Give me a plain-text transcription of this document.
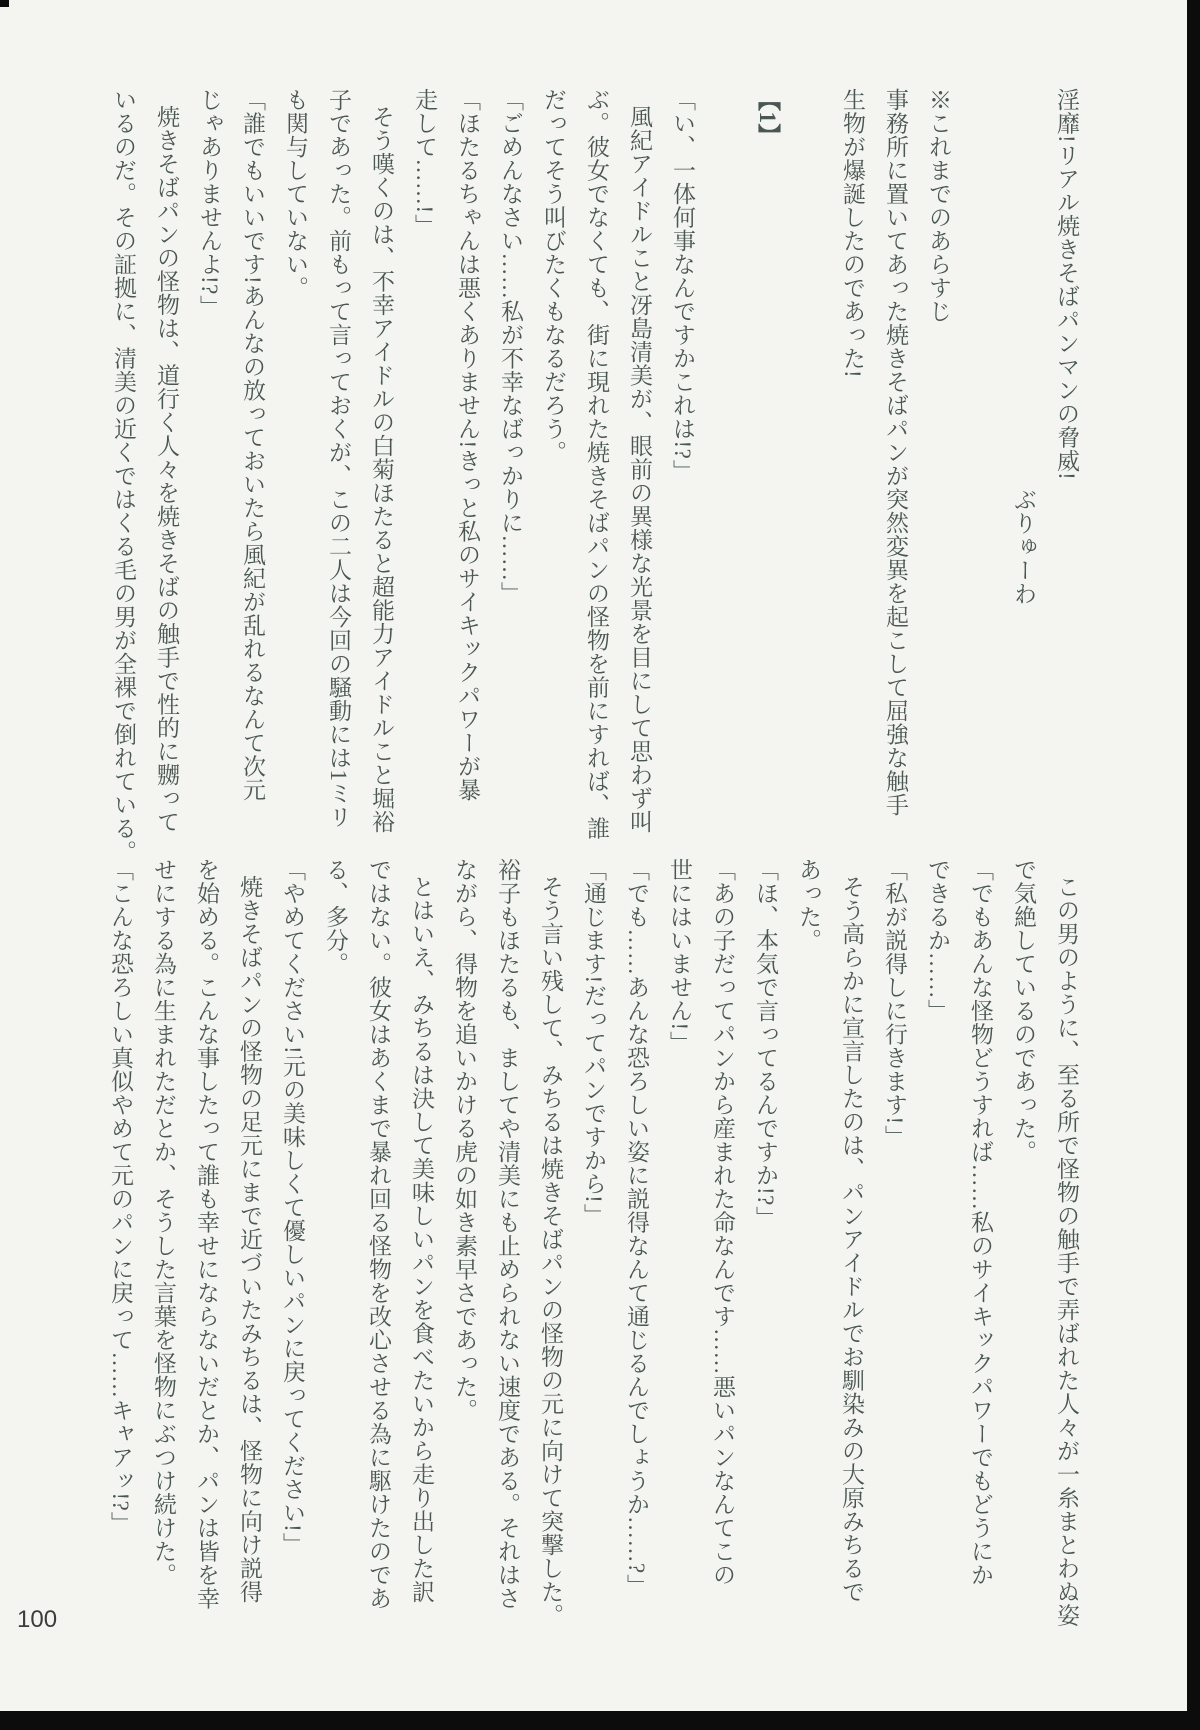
淫靡!リアル焼きそばパンマンの脅威!
ぶりゅーわ
※これまでのあらすじ
事務所に置いてあった焼きそばパンが突然変異を起こして屈強な触手
生物が爆誕したのであった!
【1】
「い、一体何事なんですかこれは!?」
風紀アイドルこと冴島清美が、眼前の異様な光景を目にして思わず叫
ぶ。彼女でなくても、街に現れた焼きそばパンの怪物を前にすれば、誰
だってそう叫びたくもなるだろう。
「ごめんなさい……私が不幸なばっかりに……」
「ほたるちゃんは悪くありません!きっと私のサイキックパワーが暴
走して……!」
そう嘆くのは、不幸アイドルの白菊ほたると超能力アイドルこと堀裕
子であった。前もって言っておくが、この二人は今回の騒動には1ミリ
も関与していない。
「誰でもいいです!あんなの放っておいたら風紀が乱れるなんて次元
じゃありませんよ!?」
焼きそばパンの怪物は、道行く人々を焼きそばの触手で性的に嬲って
いるのだ。その証拠に、清美の近くではくる毛の男が全裸で倒れている。
この男のように、至る所で怪物の触手で弄ばれた人々が一糸まとわぬ姿
で気絶しているのであった。
「でもあんな怪物どうすれば……私のサイキックパワーでもどうにか
できるか……」
「私が説得しに行きます!」
そう高らかに宣言したのは、パンアイドルでお馴染みの大原みちるで
あった。
「ほ、本気で言ってるんですか!?」
「あの子だってパンから産まれた命なんです……悪いパンなんてこの
世にはいません!」
「でも……あんな恐ろしい姿に説得なんて通じるんでしょうか……?」
「通じます!だってパンですから!」
そう言い残して、みちるは焼きそばパンの怪物の元に向けて突撃した。
裕子もほたるも、ましてや清美にも止められない速度である。それはさ
ながら、得物を追いかける虎の如き素早さであった。
とはいえ、みちるは決して美味しいパンを食べたいから走り出した訳
ではない。彼女はあくまで暴れ回る怪物を改心させる為に駆けたのであ
る、多分。
「やめてください!元の美味しくて優しいパンに戻ってください!」
焼きそばパンの怪物の足元にまで近づいたみちるは、怪物に向け説得
を始める。こんな事したって誰も幸せにならないだとか、パンは皆を幸
せにする為に生まれただとか、そうした言葉を怪物にぶつけ続けた。
「こんな恐ろしい真似やめて元のパンに戻って……キャアッ!?」
100
